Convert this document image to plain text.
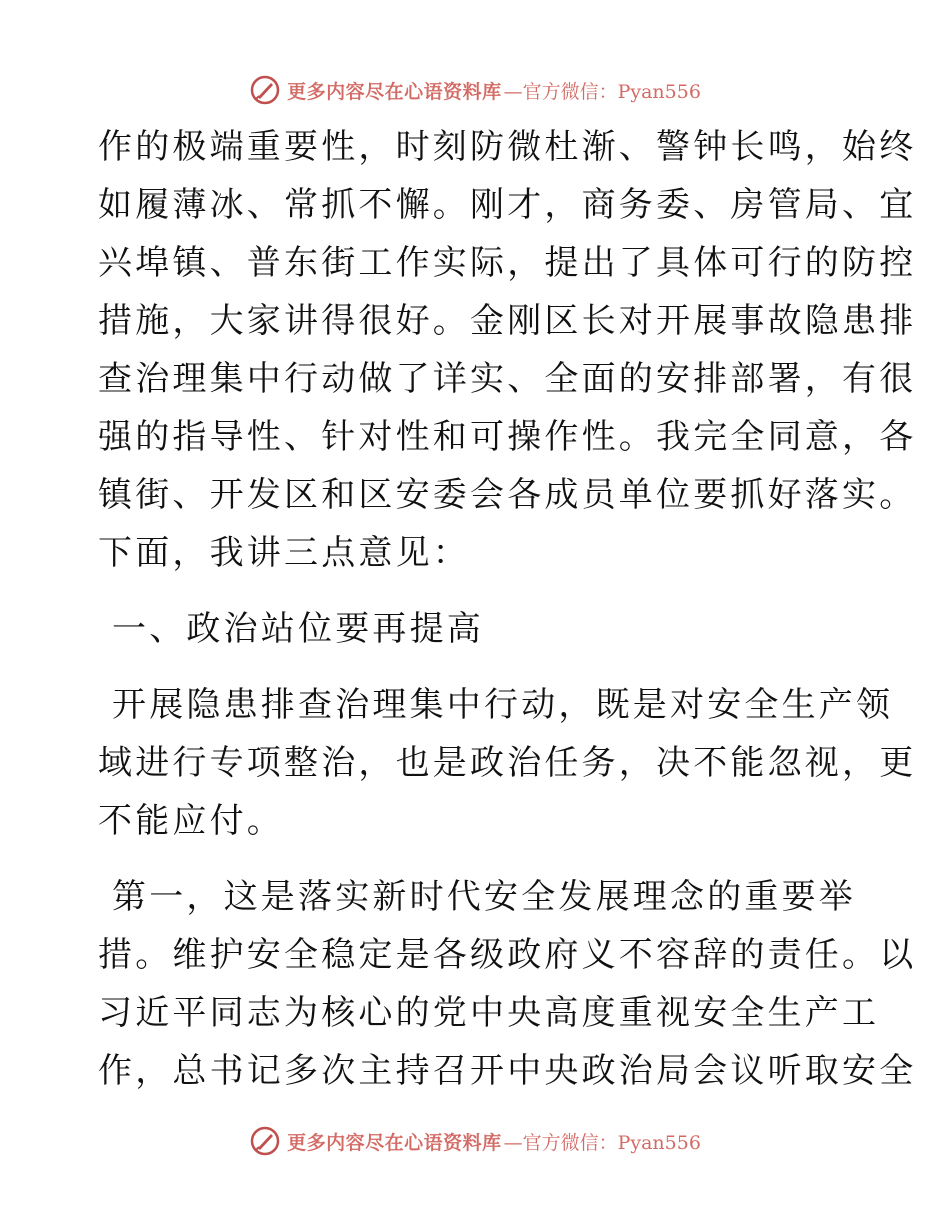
更多内容尽在心语资料库 —官方微信：Pyan556
作的极端重要性，时刻防微杜渐、警钟长鸣，始终
如履薄冰、常抓不懈。刚才，商务委、房管局、宜
兴埠镇、普东街工作实际，提出了具体可行的防控
措施，大家讲得很好。金刚区长对开展事故隐患排
查治理集中行动做了详实、全面的安排部署，有很
强的指导性、针对性和可操作性。我完全同意，各
镇街、开发区和区安委会各成员单位要抓好落实。
下面，我讲三点意见：
一、政治站位要再提高
开展隐患排查治理集中行动，既是对安全生产领
域进行专项整治，也是政治任务，决不能忽视，更
不能应付。
第一，这是落实新时代安全发展理念的重要举
措。维护安全稳定是各级政府义不容辞的责任。以
习近平同志为核心的党中央高度重视安全生产工
作，总书记多次主持召开中央政治局会议听取安全
更多内容尽在心语资料库 —官方微信：Pyan556
